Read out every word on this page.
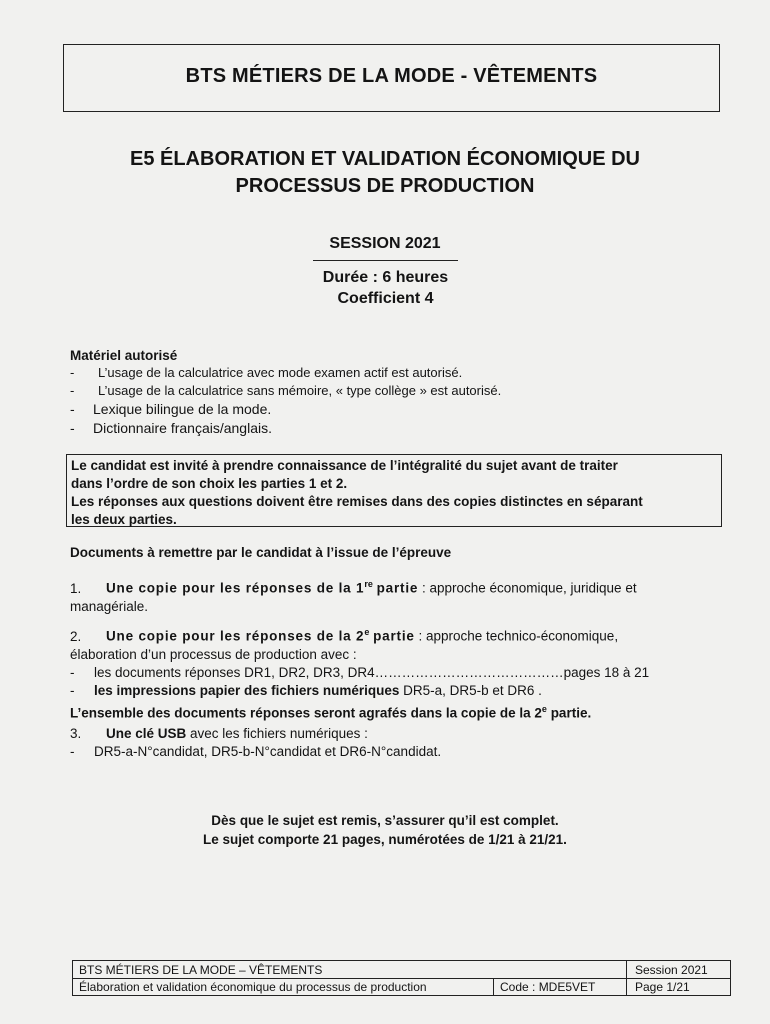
BTS MÉTIERS DE LA MODE - VÊTEMENTS
E5 ÉLABORATION ET VALIDATION ÉCONOMIQUE DU
PROCESSUS DE PRODUCTION
SESSION 2021
Durée : 6 heures
Coefficient 4
Matériel autorisé
- L’usage de la calculatrice avec mode examen actif est autorisé.
- L’usage de la calculatrice sans mémoire, « type collège » est autorisé.
- Lexique bilingue de la mode.
- Dictionnaire français/anglais.
Le candidat est invité à prendre connaissance de l’intégralité du sujet avant de traiter
dans l’ordre de son choix les parties 1 et 2.
Les réponses aux questions doivent être remises dans des copies distinctes en séparant
les deux parties.
Documents à remettre par le candidat à l’issue de l’épreuve
1. Une copie pour les réponses de la 1re partie : approche économique, juridique et
managériale.
2. Une copie pour les réponses de la 2e partie : approche technico-économique,
élaboration d’un processus de production avec :
- les documents réponses DR1, DR2, DR3, DR4……………………………………pages 18 à 21
- les impressions papier des fichiers numériques DR5-a, DR5-b et DR6 .
L’ensemble des documents réponses seront agrafés dans la copie de la 2e partie.
3. Une clé USB avec les fichiers numériques :
- DR5-a-N°candidat, DR5-b-N°candidat et DR6-N°candidat.
Dès que le sujet est remis, s’assurer qu’il est complet.
Le sujet comporte 21 pages, numérotées de 1/21 à 21/21.
BTS MÉTIERS DE LA MODE – VÊTEMENTS
Élaboration et validation économique du processus de production	Code : MDE5VET
Session 2021
Page 1/21
